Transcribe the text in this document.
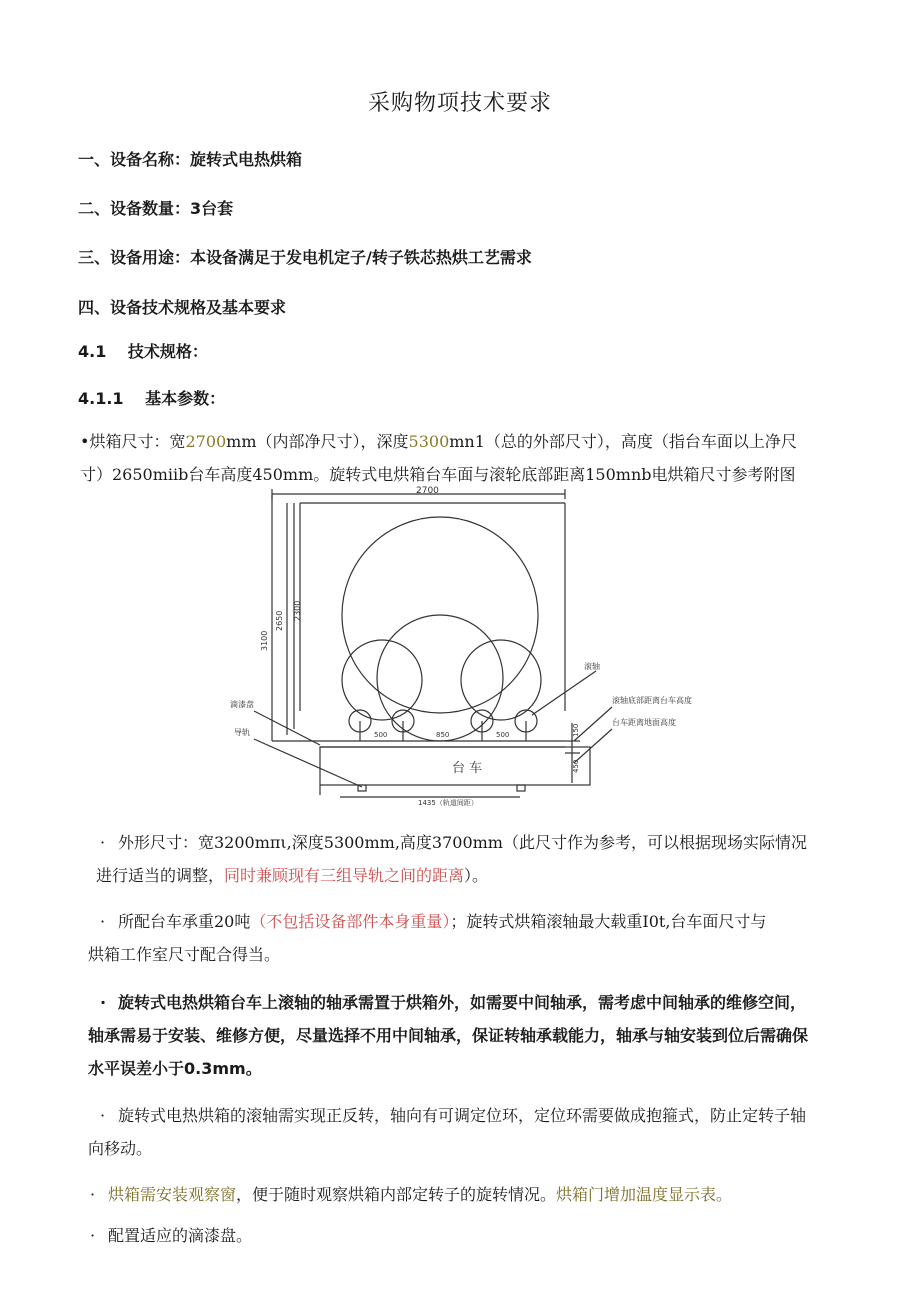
采购物项技术要求
一、设备名称：旋转式电热烘箱
二、设备数量：3台套
三、设备用途：本设备满足于发电机定子/转子铁芯热烘工艺需求
四、设备技术规格及基本要求
4.1　 技术规格：
4.1.1　 基本参数：
•烘箱尺寸：宽2700mm（内部净尺寸），深度5300mn1（总的外部尺寸），高度（指台车面以上净尺
寸）2650miib台车高度450mm。旋转式电烘箱台车面与滚轮底部距离150mnb电烘箱尺寸参考附图
2700
3100
2650 2300
滴漆盘
导轨
滚轴
滚轴底部距离台车高度
台车距离地面高度
500	850	500	150
450
台 车
1435（轨道间距）
· 外形尺寸：宽3200mπι,深度5300mm,高度3700mm（此尺寸作为参考，可以根据现场实际情况
进行适当的调整，同时兼顾现有三组导轨之间的距离）。
· 所配台车承重20吨（不包括设备部件本身重量）；旋转式烘箱滚轴最大载重I0t,台车面尺寸与
烘箱工作室尺寸配合得当。
· 旋转式电热烘箱台车上滚轴的轴承需置于烘箱外，如需要中间轴承，需考虑中间轴承的维修空间，
轴承需易于安装、维修方便，尽量选择不用中间轴承，保证转轴承载能力，轴承与轴安装到位后需确保
水平误差小于0.3mm。
· 旋转式电热烘箱的滚轴需实现正反转，轴向有可调定位环，定位环需要做成抱箍式，防止定转子轴
向移动。
· 烘箱需安装观察窗，便于随时观察烘箱内部定转子的旋转情况。烘箱门增加温度显示表。
· 配置适应的滴漆盘。
